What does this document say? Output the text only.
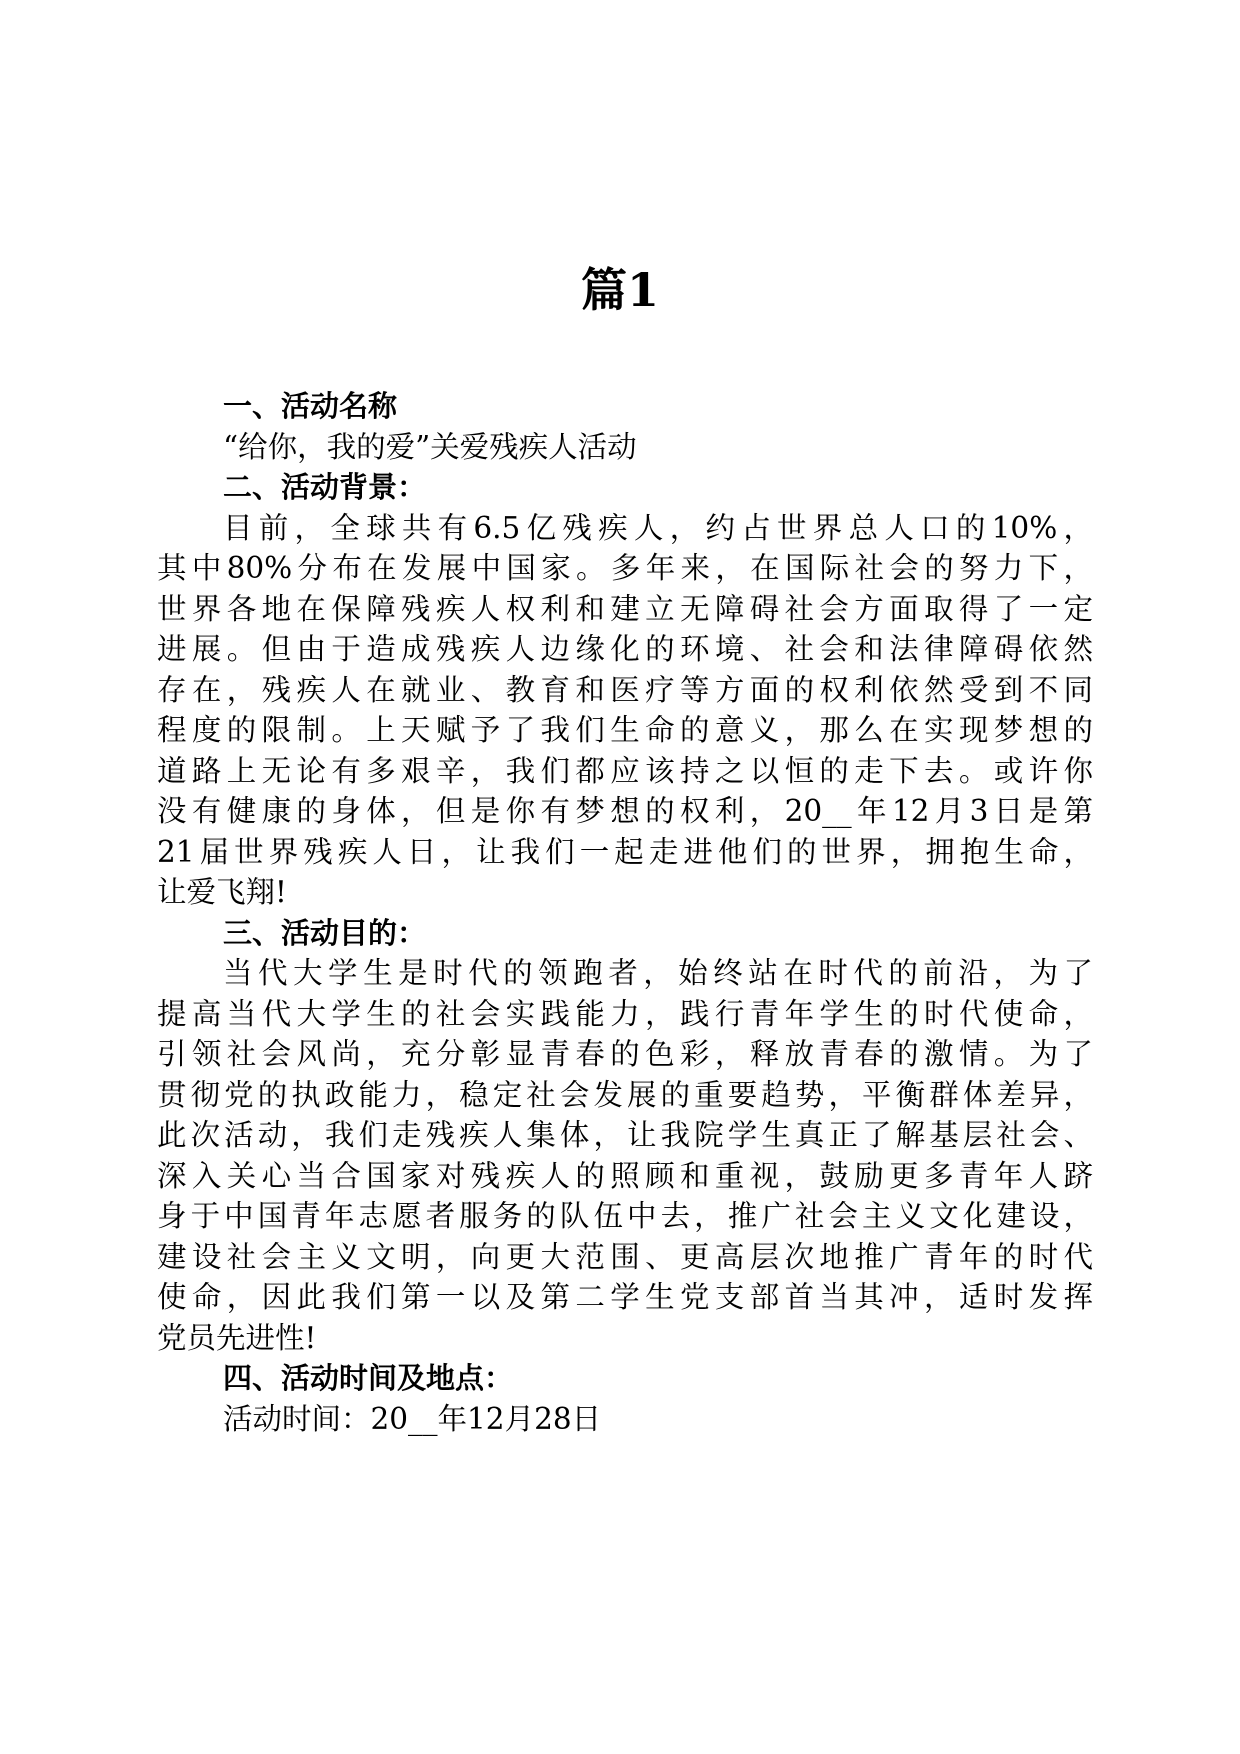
篇1
一、活动名称
“给你，我的爱”关爱残疾人活动
二、活动背景：
目前，全球共有6.5亿残疾人，约占世界总人口的10%，
其中80%分布在发展中国家。多年来，在国际社会的努力下，
世界各地在保障残疾人权利和建立无障碍社会方面取得了一定
进展。但由于造成残疾人边缘化的环境、社会和法律障碍依然
存在，残疾人在就业、教育和医疗等方面的权利依然受到不同
程度的限制。上天赋予了我们生命的意义，那么在实现梦想的
道路上无论有多艰辛，我们都应该持之以恒的走下去。或许你
没有健康的身体，但是你有梦想的权利，20__年12月3日是第
21届世界残疾人日，让我们一起走进他们的世界，拥抱生命，
让爱飞翔!
三、活动目的：
当代大学生是时代的领跑者，始终站在时代的前沿，为了
提高当代大学生的社会实践能力，践行青年学生的时代使命，
引领社会风尚，充分彰显青春的色彩，释放青春的激情。为了
贯彻党的执政能力，稳定社会发展的重要趋势，平衡群体差异，
此次活动，我们走残疾人集体，让我院学生真正了解基层社会、
深入关心当合国家对残疾人的照顾和重视，鼓励更多青年人跻
身于中国青年志愿者服务的队伍中去，推广社会主义文化建设，
建设社会主义文明，向更大范围、更高层次地推广青年的时代
使命，因此我们第一以及第二学生党支部首当其冲，适时发挥
党员先进性!
四、活动时间及地点：
活动时间：20__年12月28日
